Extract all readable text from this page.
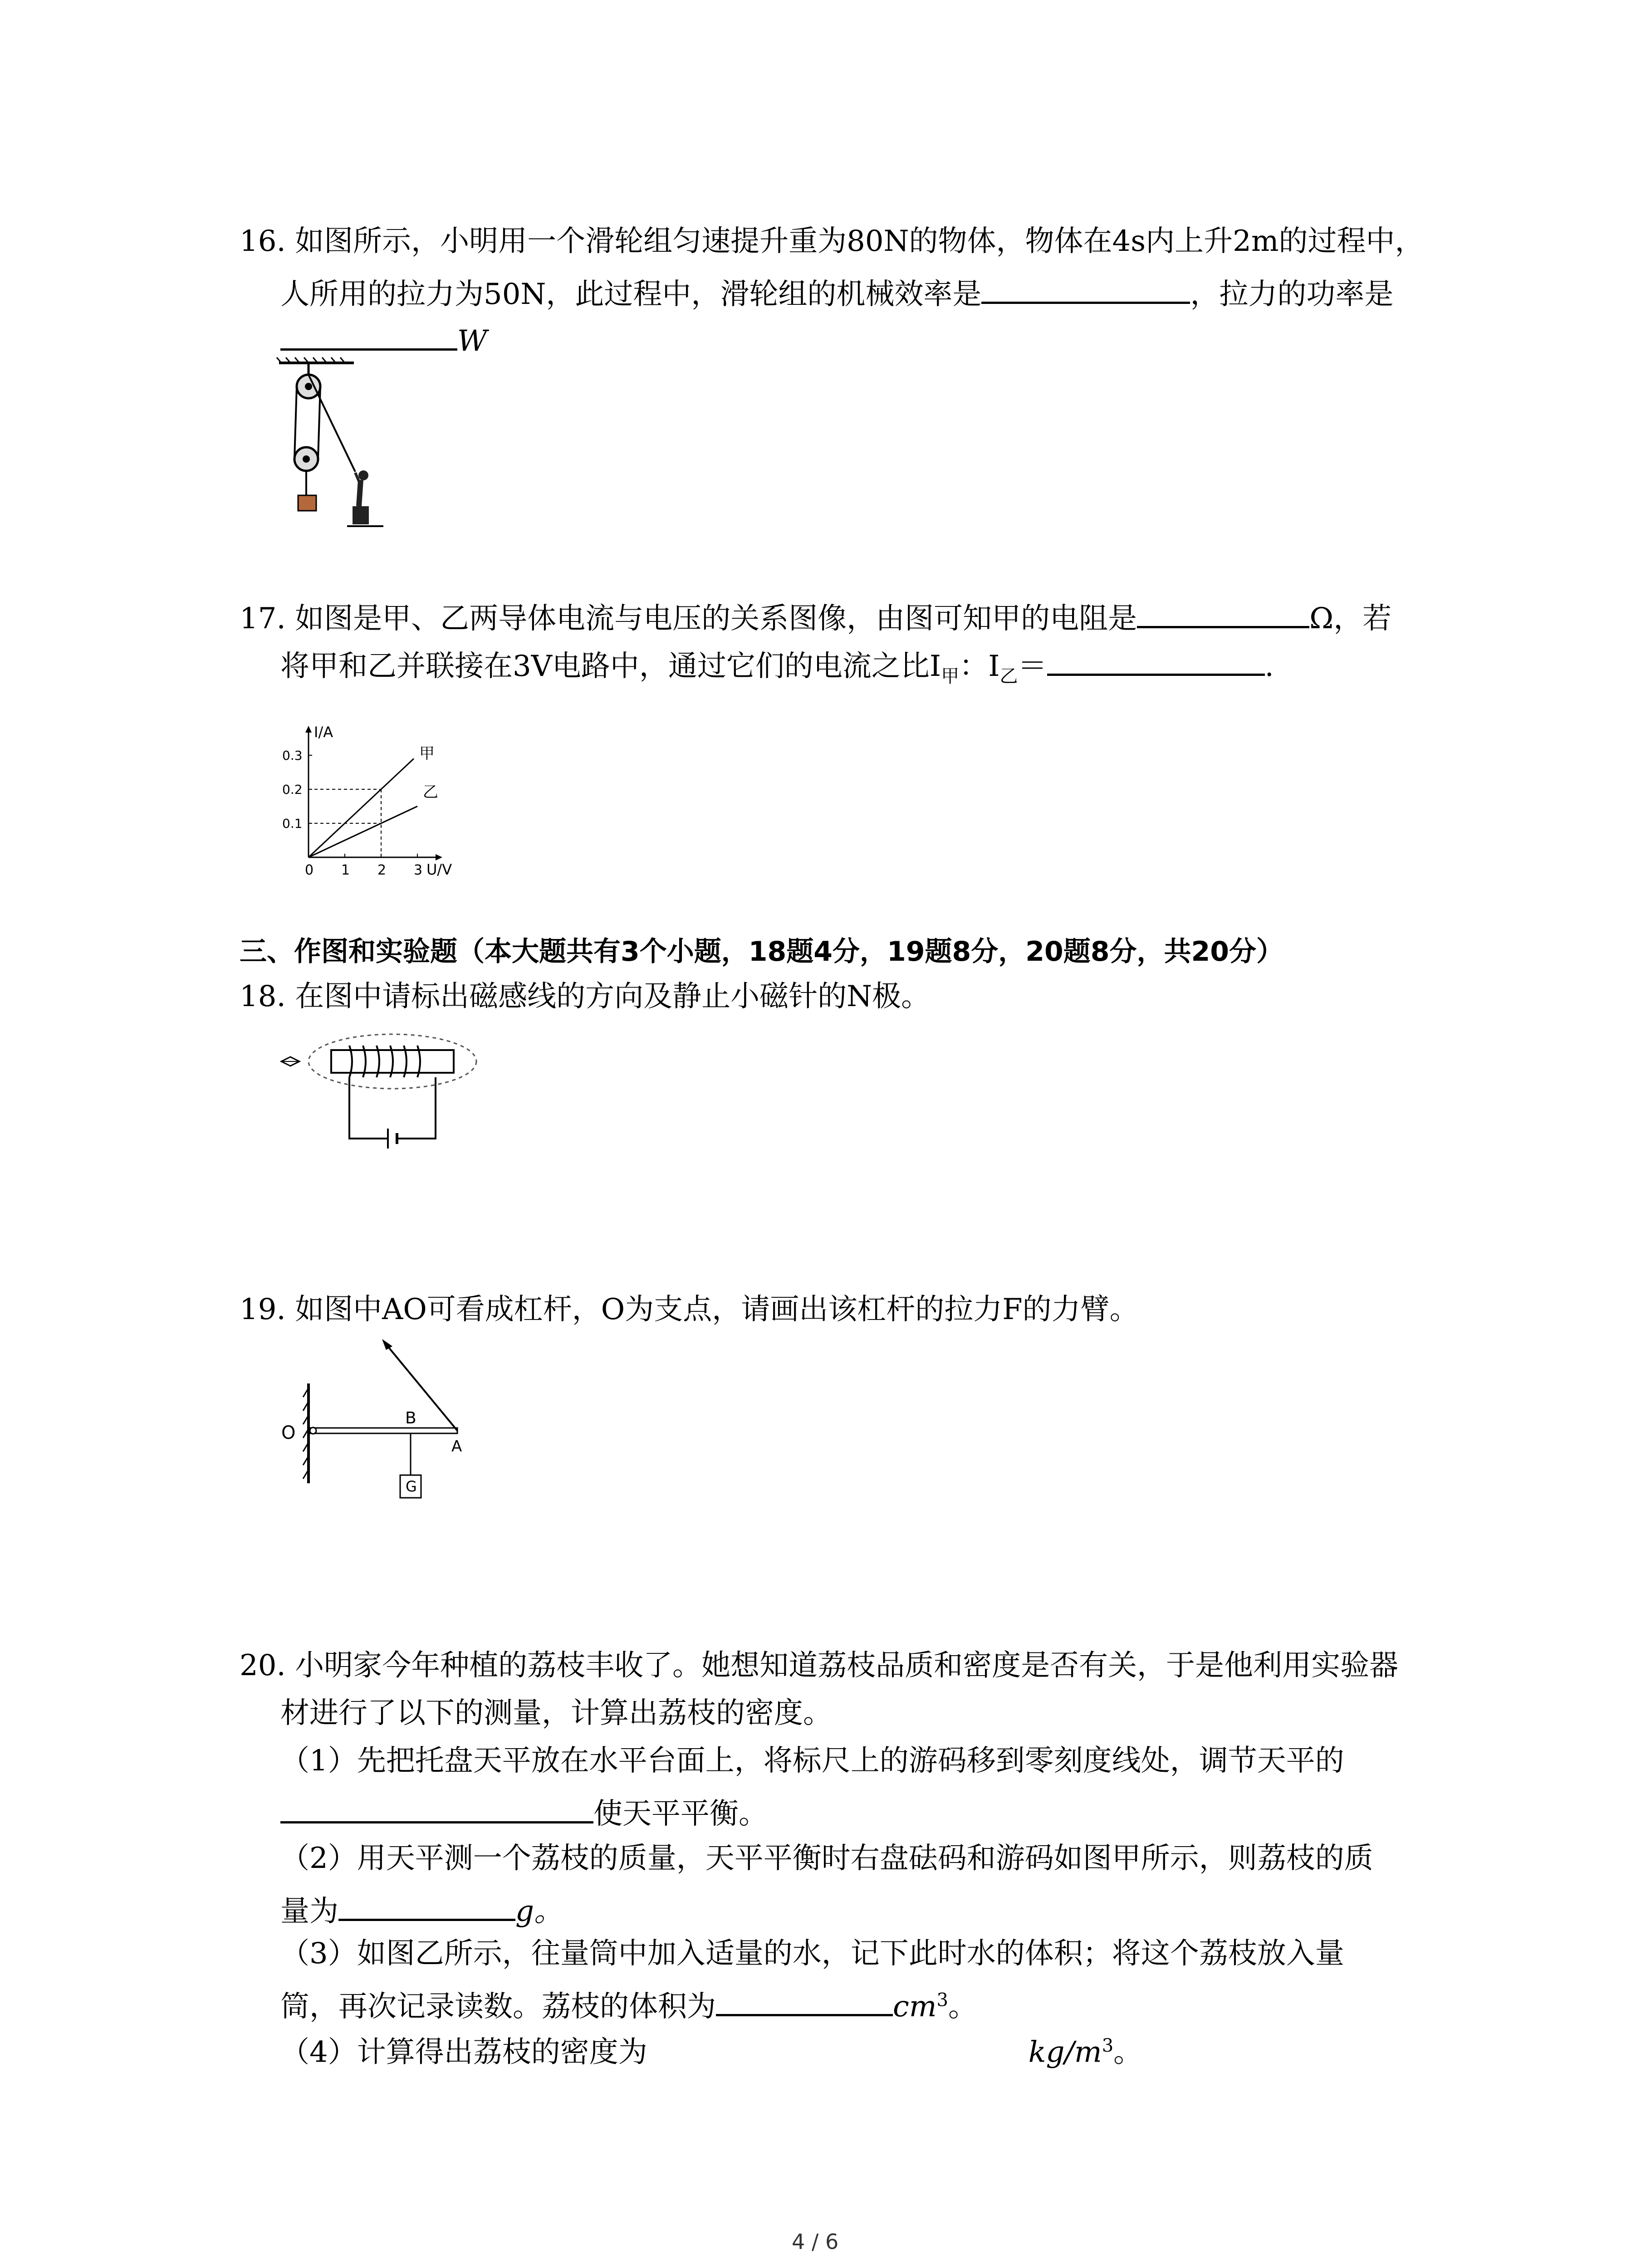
16. 如图所示，小明用一个滑轮组匀速提升重为80N的物体，物体在4s内上升2m的过程中，
人所用的拉力为50N，此过程中，滑轮组的机械效率是	，拉力的功率是
W
17. 如图是甲、乙两导体电流与电压的关系图像，由图可知甲的电阻是	Ω，若
将甲和乙并联接在3V电路中，通过它们的电流之比$I_甲$：$I_乙=$	.
I/A
U/V
0 1 2 3
0.1
0.2
0.3	甲
乙
三、作图和实验题（本大题共有3个小题，18题4分，19题8分，20题8分，共20分）
18. 在图中请标出磁感线的方向及静止小磁针的N极。
19. 如图中AO可看成杠杆，O为支点，请画出该杠杆的拉力F的力臂。
O
B
A
G
20. 小明家今年种植的荔枝丰收了。她想知道荔枝品质和密度是否有关，于是他利用实验器
材进行了以下的测量，计算出荔枝的密度。
（1）先把托盘天平放在水平台面上，将标尺上的游码移到零刻度线处，调节天平的
使天平平衡。
（2）用天平测一个荔枝的质量，天平平衡时右盘砝码和游码如图甲所示，则荔枝的质
量为	g。
（3）如图乙所示，往量筒中加入适量的水，记下此时水的体积；将这个荔枝放入量
筒，再次记录读数。荔枝的体积为	$cm^3$。
（4）计算得出荔枝的密度为	$kg/m^3$。
4 / 6
